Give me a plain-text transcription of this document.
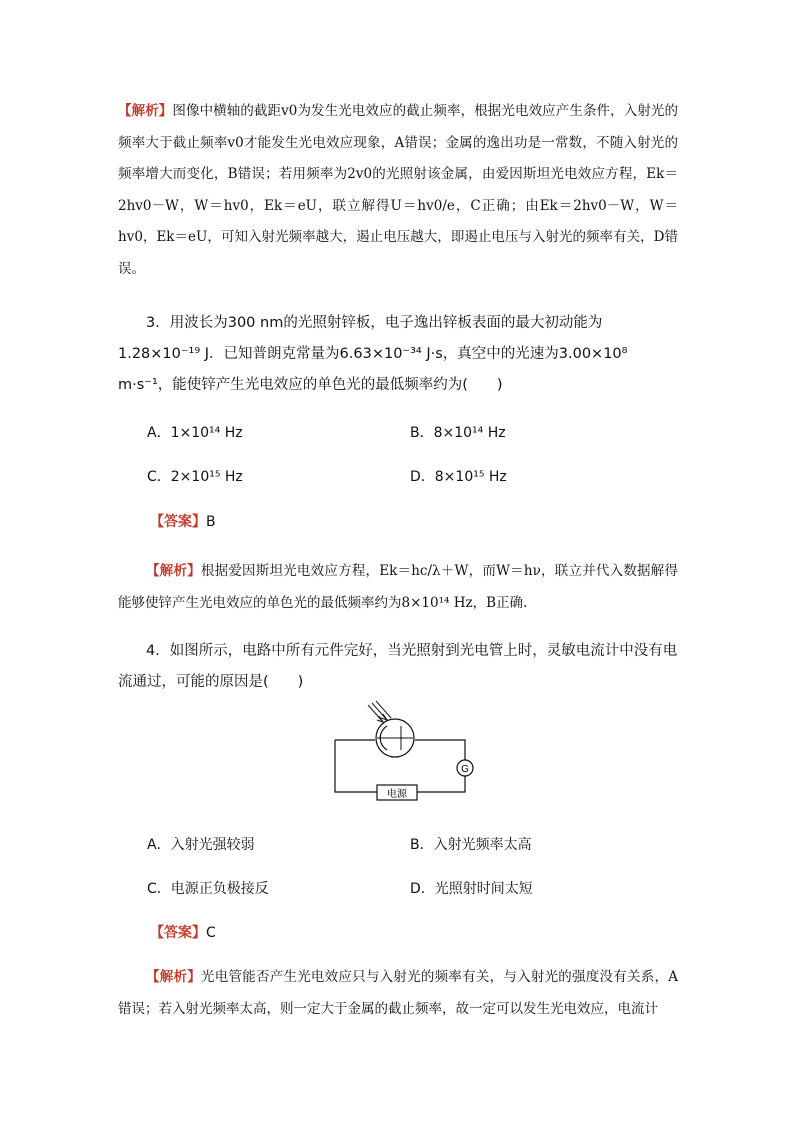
【解析】图像中横轴的截距v0为发生光电效应的截止频率，根据光电效应产生条件，入射光的频率大于截止频率v0才能发生光电效应现象，A错误；金属的逸出功是一常数，不随入射光的频率增大而变化，B错误；若用频率为2v0的光照射该金属，由爱因斯坦光电效应方程，Ek＝2hv0－W，W＝hv0，Ek＝eU，联立解得U＝hv0/e，C正确；由Ek＝2hv0－W，W＝hv0，Ek＝eU，可知入射光频率越大，遏止电压越大，即遏止电压与入射光的频率有关，D错误。

3．用波长为300 nm的光照射锌板，电子逸出锌板表面的最大初动能为1.28×10⁻¹⁹ J．已知普朗克常量为6.63×10⁻³⁴ J·s，真空中的光速为3.00×10⁸ m·s⁻¹，能使锌产生光电效应的单色光的最低频率约为(　　)

A．1×10¹⁴ Hz	B．8×10¹⁴ Hz
C．2×10¹⁵ Hz	D．8×10¹⁵ Hz
【答案】B

【解析】根据爱因斯坦光电效应方程，Ek＝hc/λ＋W，而W＝hν，联立并代入数据解得能够使锌产生光电效应的单色光的最低频率约为8×10¹⁴ Hz，B正确.

4．如图所示，电路中所有元件完好，当光照射到光电管上时，灵敏电流计中没有电流通过，可能的原因是(　　)

G
电源
A．入射光强较弱	B．入射光频率太高
C．电源正负极接反	D．光照射时间太短
【答案】C

【解析】光电管能否产生光电效应只与入射光的频率有关，与入射光的强度没有关系，A错误；若入射光频率太高，则一定大于金属的截止频率，故一定可以发生光电效应，电流计
